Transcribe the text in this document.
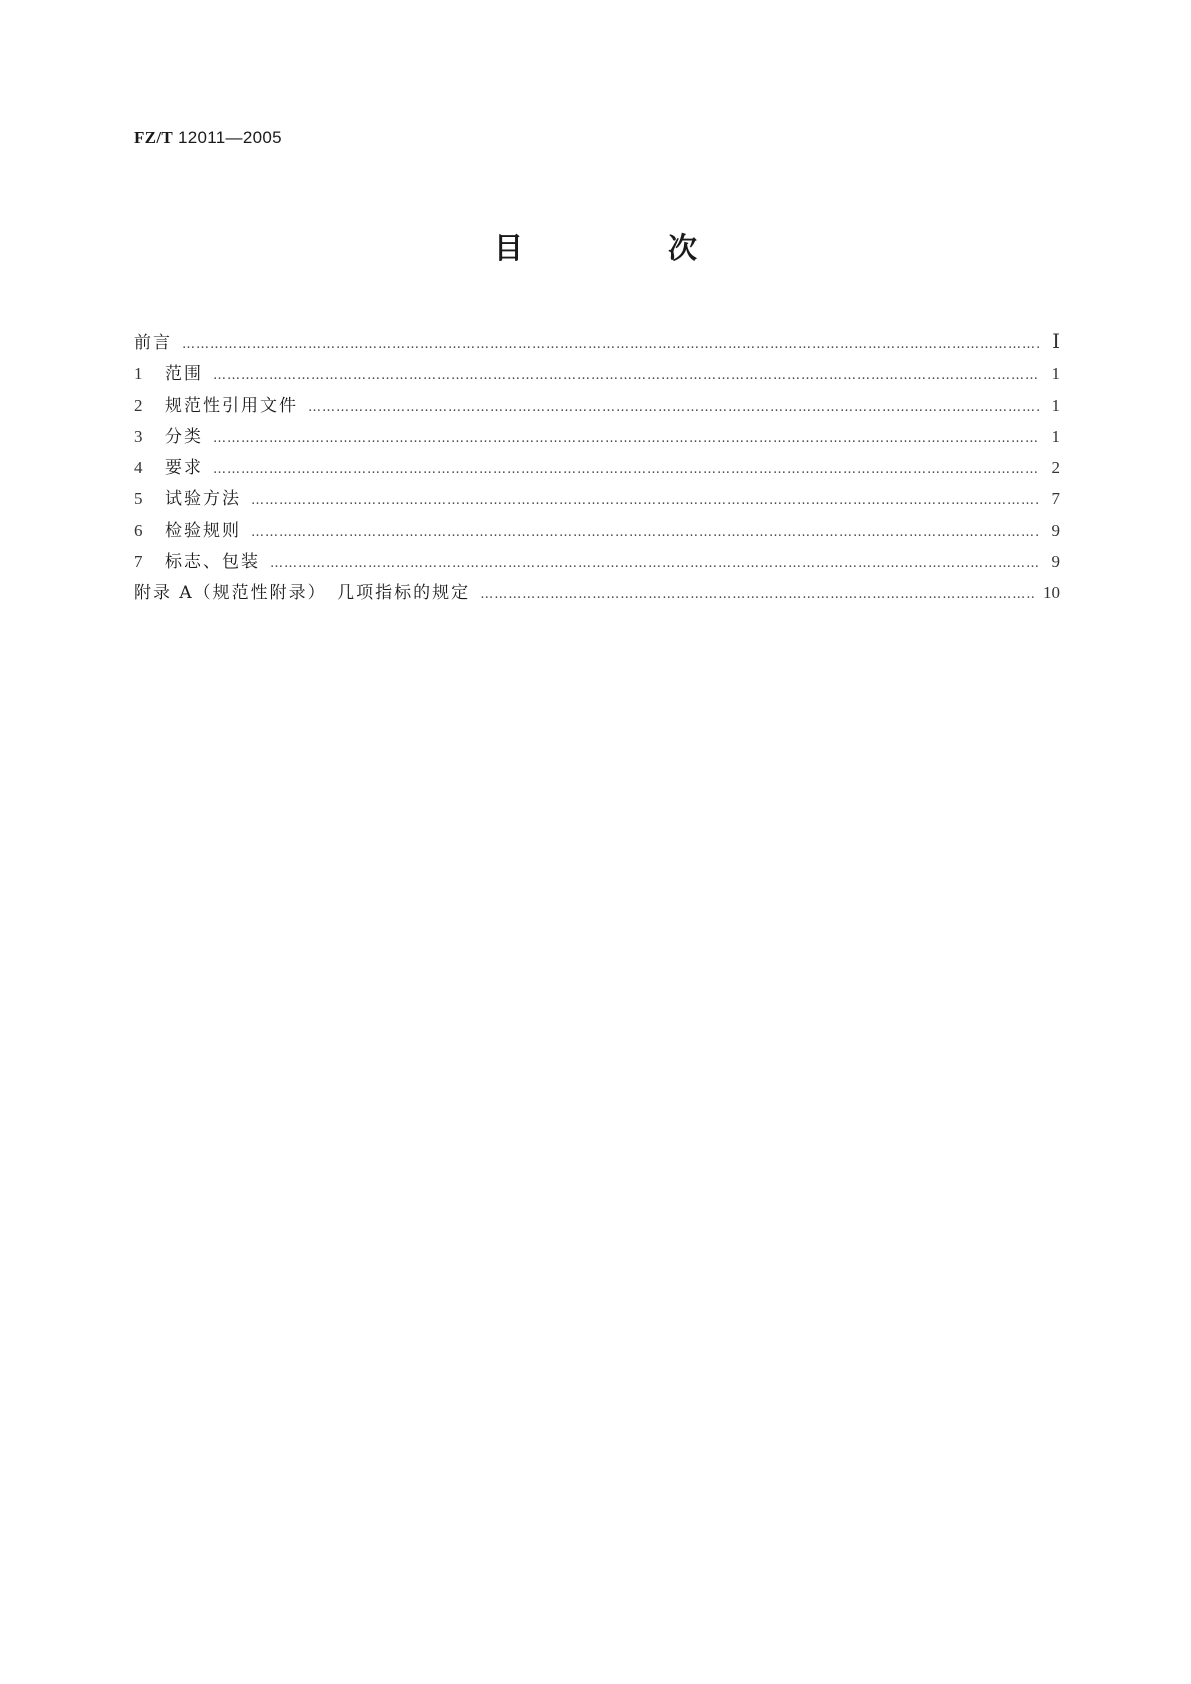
FZ/T 12011—2005
目　次
前言 ………………………………………………………………………………………………………………………………………………………………………………………………………………………	Ⅰ
1	范围 ………………………………………………………………………………………………………………………………………………………………………………………………………………………	1
2	规范性引用文件 ………………………………………………………………………………………………………………………………………………………………………………………………………………………	1
3	分类 ………………………………………………………………………………………………………………………………………………………………………………………………………………………	1
4	要求 ………………………………………………………………………………………………………………………………………………………………………………………………………………………	2
5	试验方法 ………………………………………………………………………………………………………………………………………………………………………………………………………………………	7
6	检验规则 ………………………………………………………………………………………………………………………………………………………………………………………………………………………	9
7	标志、包装 ………………………………………………………………………………………………………………………………………………………………………………………………………………………	9
附录 A（规范性附录）　几项指标的规定 ………………………………………………………………………………………………………………………………………………………………………………………………………………………	10
